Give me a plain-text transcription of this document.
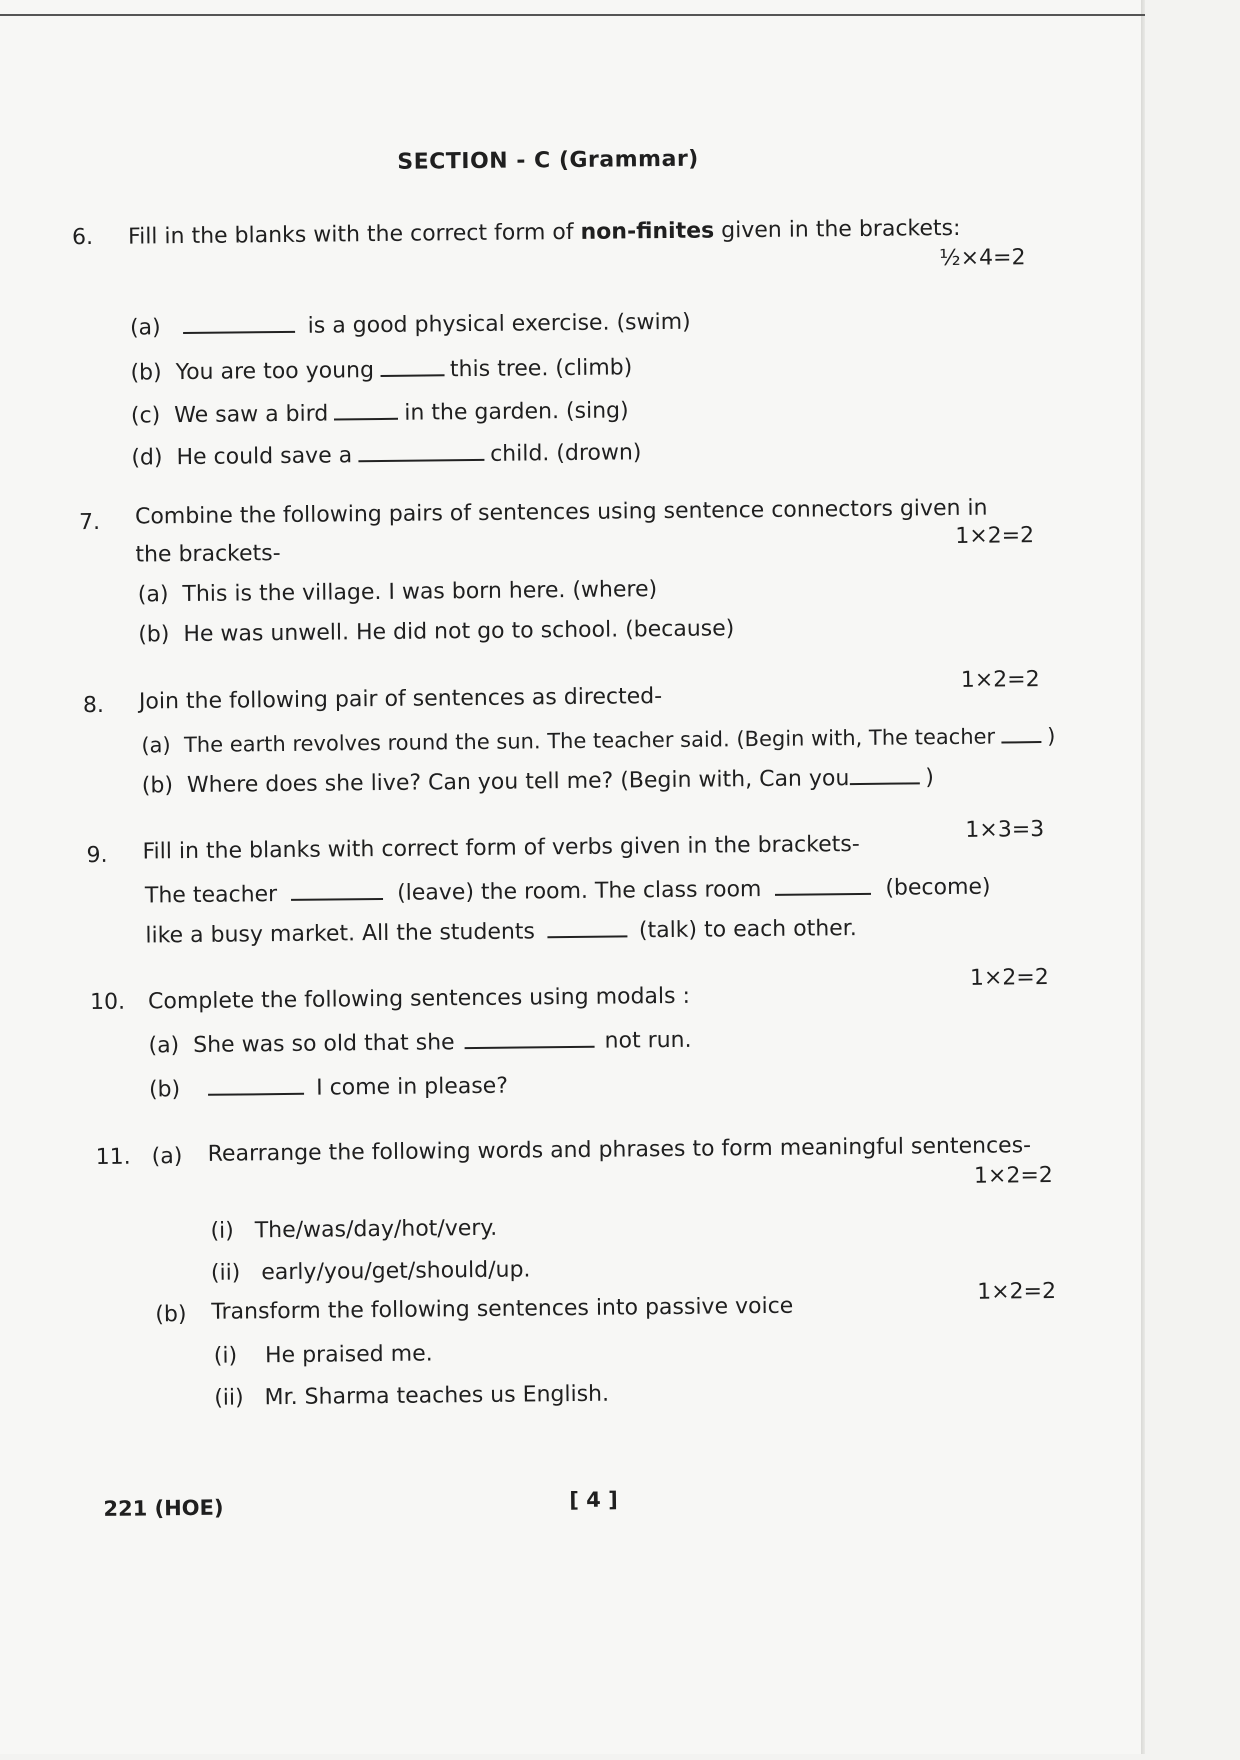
SECTION - C (Grammar)
6. Fill in the blanks with the correct form of non-finites given in the brackets:
½×4=2
(a)	is a good physical exercise. (swim)
(b) You are too young	this tree. (climb)
(c) We saw a bird	in the garden. (sing)
(d) He could save a	child. (drown)
7. Combine the following pairs of sentences using sentence connectors given in
the brackets-
1×2=2
(a) This is the village. I was born here. (where)
(b) He was unwell. He did not go to school. (because)
8. Join the following pair of sentences as directed-
1×2=2
(a) The earth revolves round the sun. The teacher said. (Begin with, The teacher )
(b) Where does she live? Can you tell me? (Begin with, Can you	)
9. Fill in the blanks with correct form of verbs given in the brackets-
1×3=3
The teacher	(leave) the room. The class room	(become)
like a busy market. All the students	(talk) to each other.
10. Complete the following sentences using modals :
1×2=2
(a) She was so old that she	not run.
(b)	I come in please?
11. (a) Rearrange the following words and phrases to form meaningful sentences-
1×2=2
(i) The/was/day/hot/very.
(ii) early/you/get/should/up.
(b) Transform the following sentences into passive voice
1×2=2
(i) He praised me.
(ii) Mr. Sharma teaches us English.
221 (HOE)	[ 4 ]
